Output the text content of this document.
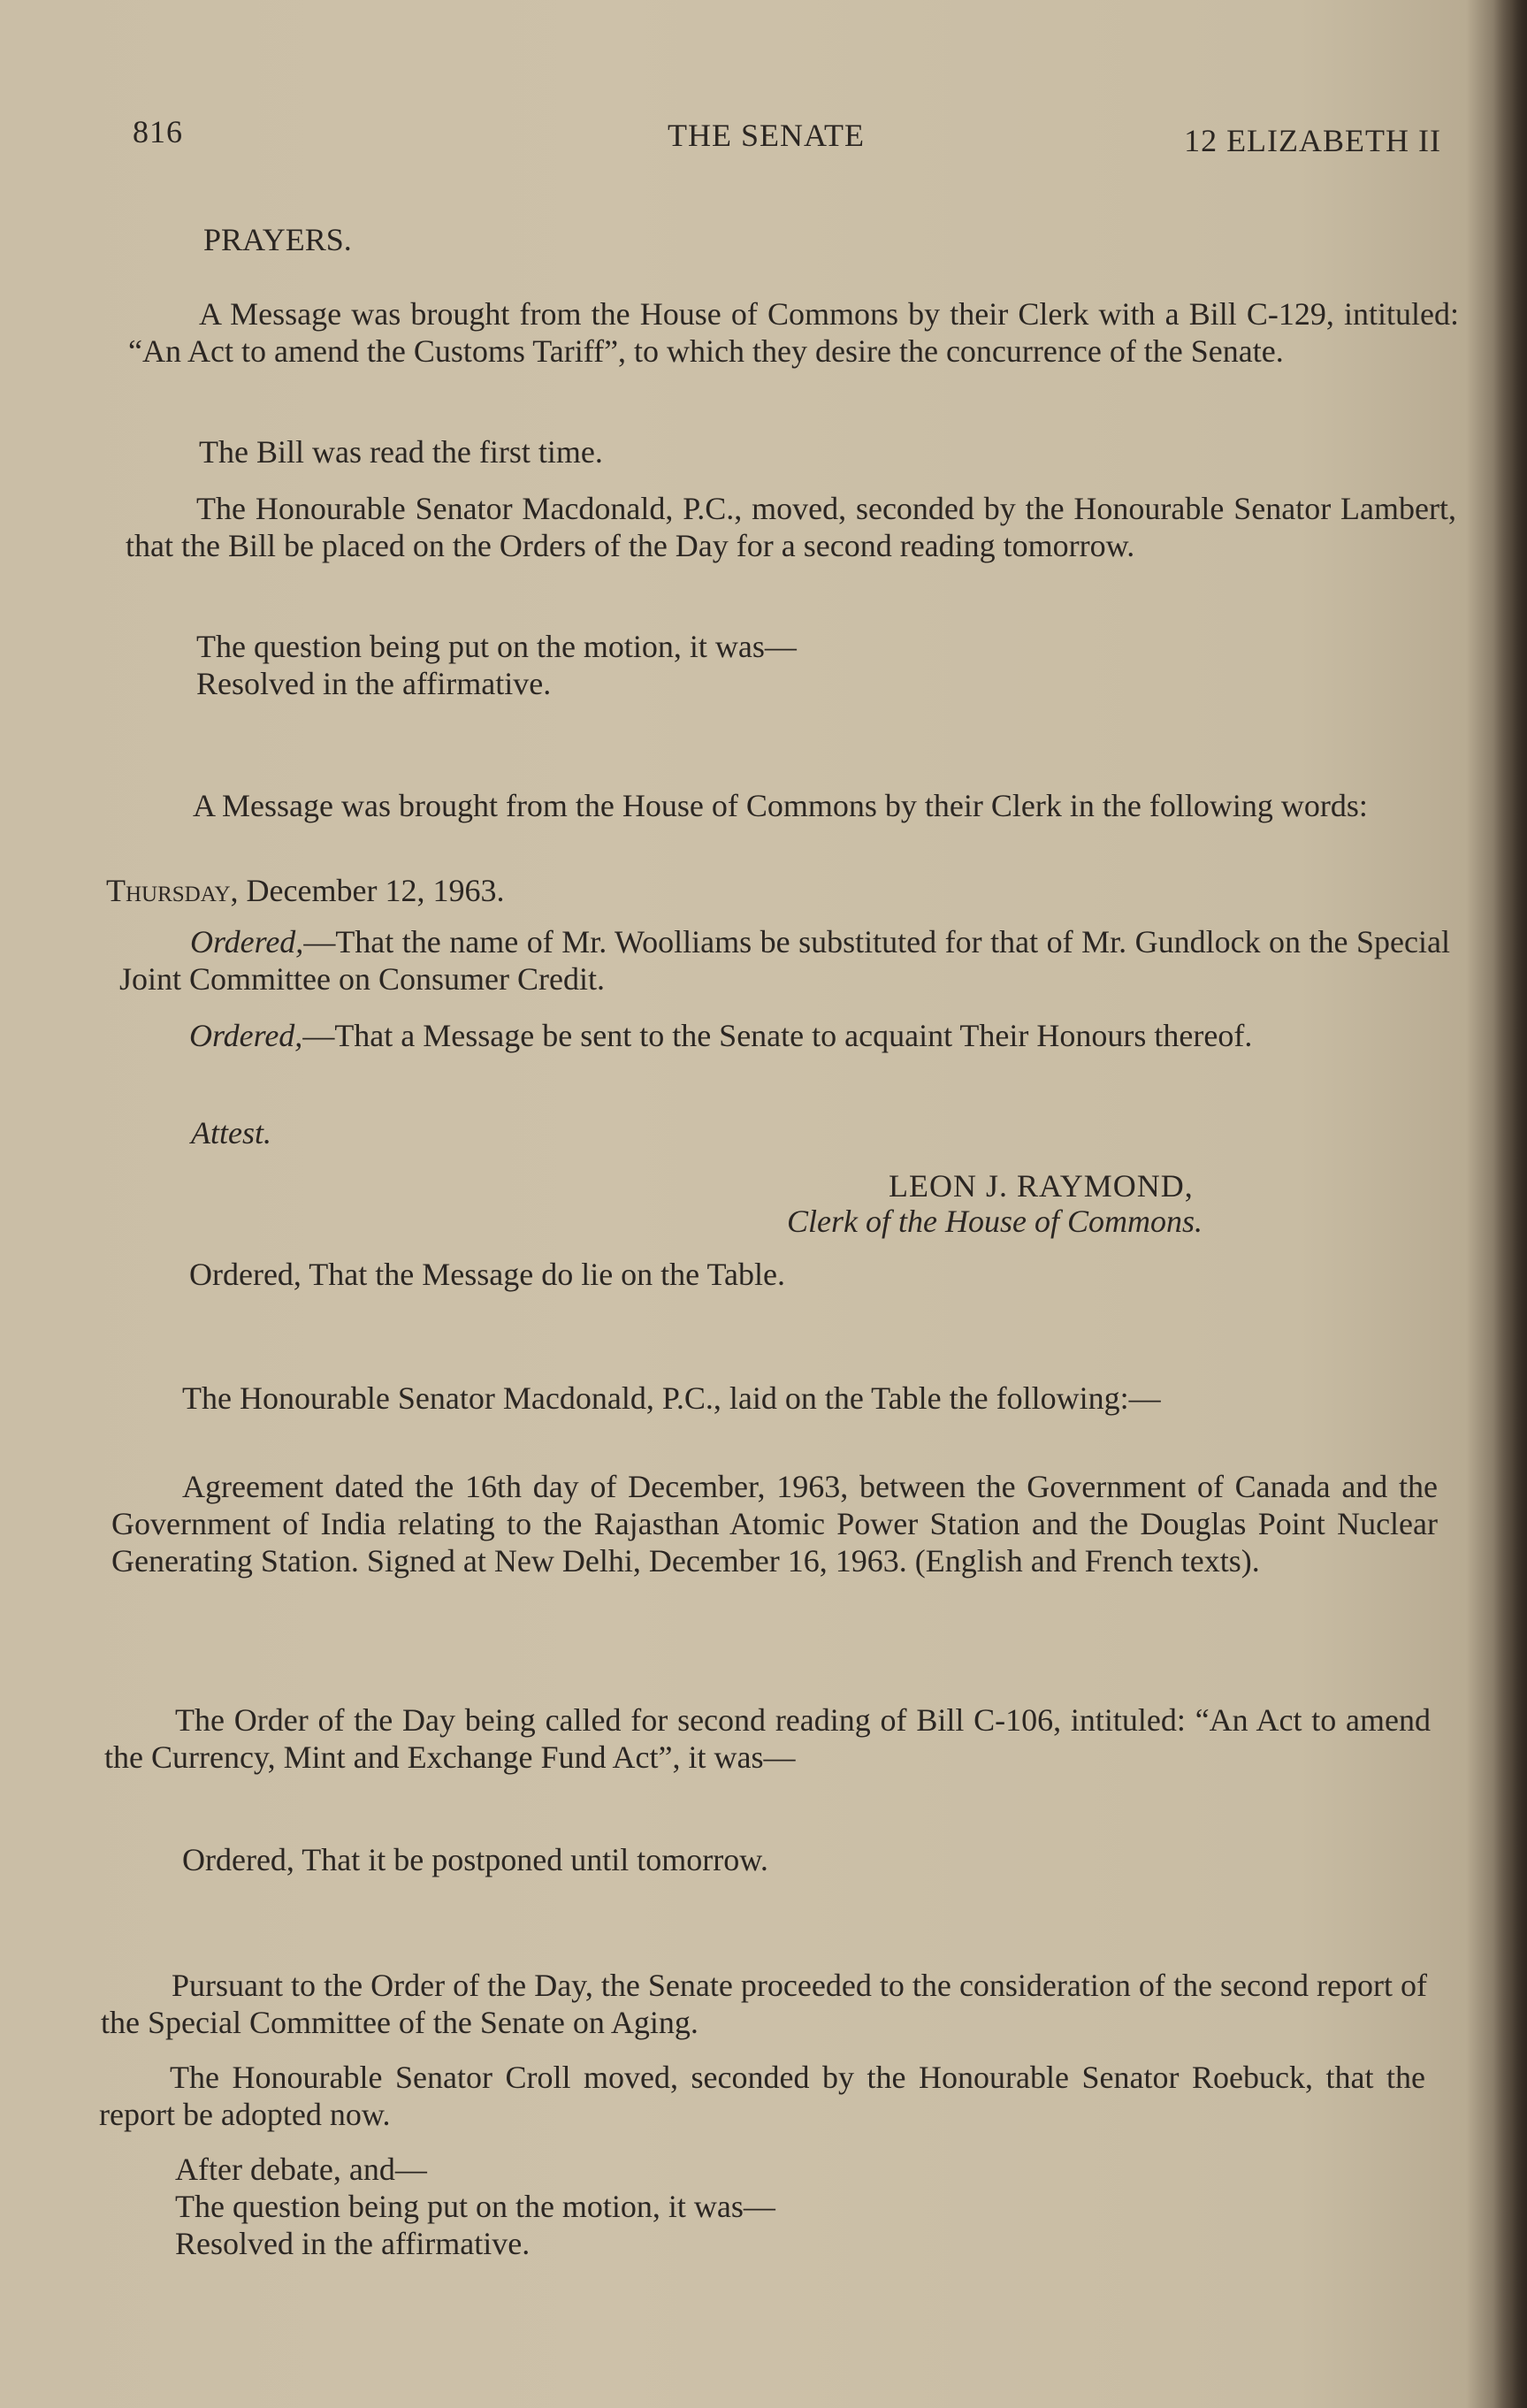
816	THE SENATE	12 ELIZABETH II

PRAYERS.

A Message was brought from the House of Commons by their Clerk with a Bill C-129, intituled: “An Act to amend the Customs Tariff”, to which they desire the concurrence of the Senate.

The Bill was read the first time.

The Honourable Senator Macdonald, P.C., moved, seconded by the Honourable Senator Lambert, that the Bill be placed on the Orders of the Day for a second reading tomorrow.

The question being put on the motion, it was—

Resolved in the affirmative.

A Message was brought from the House of Commons by their Clerk in the following words:

Thursday, December 12, 1963.

Ordered,—That the name of Mr. Woolliams be substituted for that of Mr. Gundlock on the Special Joint Committee on Consumer Credit.

Ordered,—That a Message be sent to the Senate to acquaint Their Honours thereof.

Attest.

LEON J. RAYMOND,

Clerk of the House of Commons.

Ordered, That the Message do lie on the Table.

The Honourable Senator Macdonald, P.C., laid on the Table the following:—

Agreement dated the 16th day of December, 1963, between the Government of Canada and the Government of India relating to the Rajasthan Atomic Power Station and the Douglas Point Nuclear Generating Station. Signed at New Delhi, December 16, 1963. (English and French texts).

The Order of the Day being called for second reading of Bill C-106, intituled: “An Act to amend the Currency, Mint and Exchange Fund Act”, it was—

Ordered, That it be postponed until tomorrow.

Pursuant to the Order of the Day, the Senate proceeded to the consideration of the second report of the Special Committee of the Senate on Aging.

The Honourable Senator Croll moved, seconded by the Honourable Senator Roebuck, that the report be adopted now.

After debate, and—

The question being put on the motion, it was—

Resolved in the affirmative.
